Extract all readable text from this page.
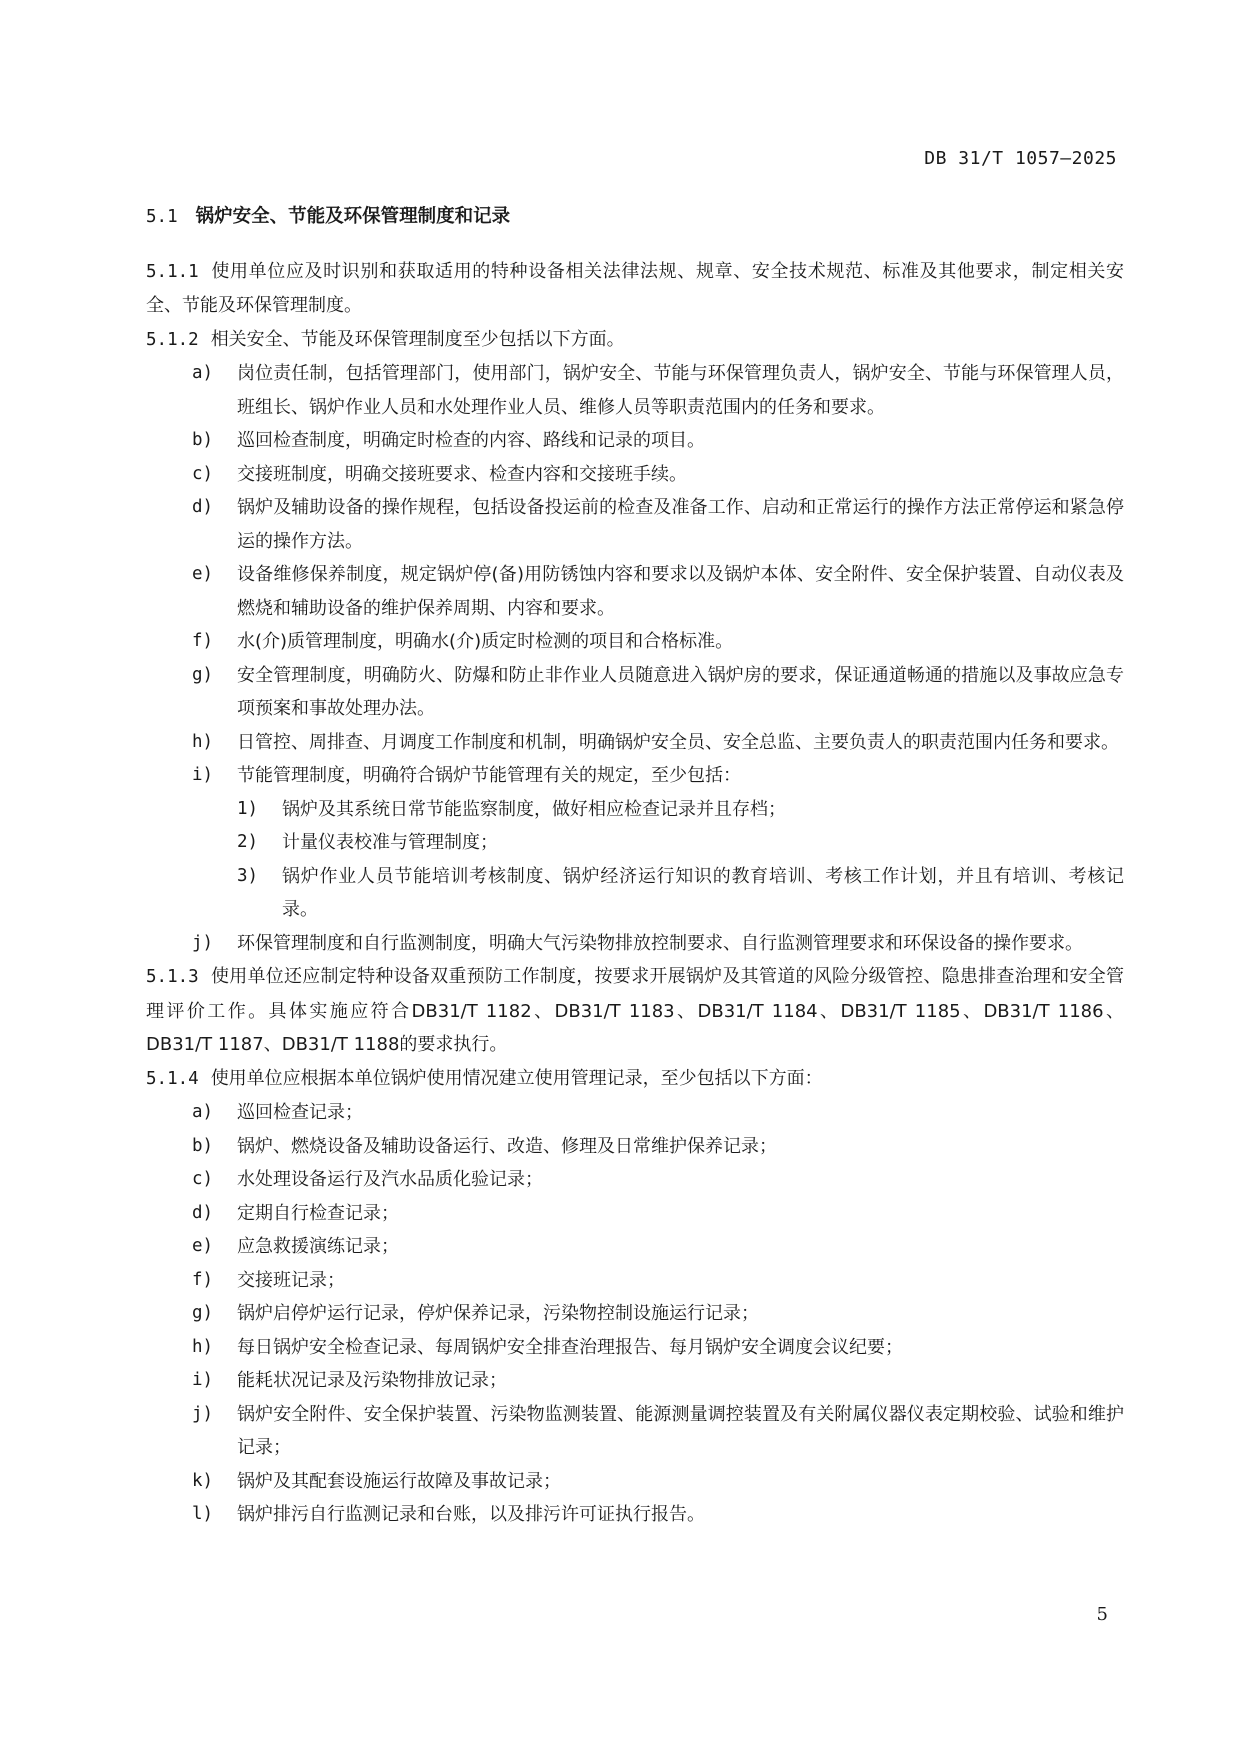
DB 31/T 1057—2025
5.1 锅炉安全、节能及环保管理制度和记录

5.1.1 使用单位应及时识别和获取适用的特种设备相关法律法规、规章、安全技术规范、标准及其他要求，制定相关安全、节能及环保管理制度。

5.1.2 相关安全、节能及环保管理制度至少包括以下方面。

a)	岗位责任制，包括管理部门，使用部门，锅炉安全、节能与环保管理负责人，锅炉安全、节能与环保管理人员，班组长、锅炉作业人员和水处理作业人员、维修人员等职责范围内的任务和要求。
b)	巡回检查制度，明确定时检查的内容、路线和记录的项目。
c)	交接班制度，明确交接班要求、检查内容和交接班手续。
d)	锅炉及辅助设备的操作规程，包括设备投运前的检查及准备工作、启动和正常运行的操作方法正常停运和紧急停运的操作方法。
e)	设备维修保养制度，规定锅炉停(备)用防锈蚀内容和要求以及锅炉本体、安全附件、安全保护装置、自动仪表及燃烧和辅助设备的维护保养周期、内容和要求。
f)	水(介)质管理制度，明确水(介)质定时检测的项目和合格标准。
g)	安全管理制度，明确防火、防爆和防止非作业人员随意进入锅炉房的要求，保证通道畅通的措施以及事故应急专项预案和事故处理办法。
h)	日管控、周排查、月调度工作制度和机制，明确锅炉安全员、安全总监、主要负责人的职责范围内任务和要求。
i)	节能管理制度，明确符合锅炉节能管理有关的规定，至少包括：
1)	锅炉及其系统日常节能监察制度，做好相应检查记录并且存档；
2)	计量仪表校准与管理制度；
3)	锅炉作业人员节能培训考核制度、锅炉经济运行知识的教育培训、考核工作计划，并且有培训、考核记录。
j)	环保管理制度和自行监测制度，明确大气污染物排放控制要求、自行监测管理要求和环保设备的操作要求。

5.1.3 使用单位还应制定特种设备双重预防工作制度，按要求开展锅炉及其管道的风险分级管控、隐患排查治理和安全管理评价工作。具体实施应符合DB31/T 1182、DB31/T 1183、DB31/T 1184、DB31/T 1185、DB31/T 1186、DB31/T 1187、DB31/T 1188的要求执行。

5.1.4 使用单位应根据本单位锅炉使用情况建立使用管理记录，至少包括以下方面：

a)	巡回检查记录；
b)	锅炉、燃烧设备及辅助设备运行、改造、修理及日常维护保养记录；
c)	水处理设备运行及汽水品质化验记录；
d)	定期自行检查记录；
e)	应急救援演练记录；
f)	交接班记录；
g)	锅炉启停炉运行记录，停炉保养记录，污染物控制设施运行记录；
h)	每日锅炉安全检查记录、每周锅炉安全排查治理报告、每月锅炉安全调度会议纪要；
i)	能耗状况记录及污染物排放记录；
j)	锅炉安全附件、安全保护装置、污染物监测装置、能源测量调控装置及有关附属仪器仪表定期校验、试验和维护记录；
k)	锅炉及其配套设施运行故障及事故记录；
l)	锅炉排污自行监测记录和台账，以及排污许可证执行报告。
5
